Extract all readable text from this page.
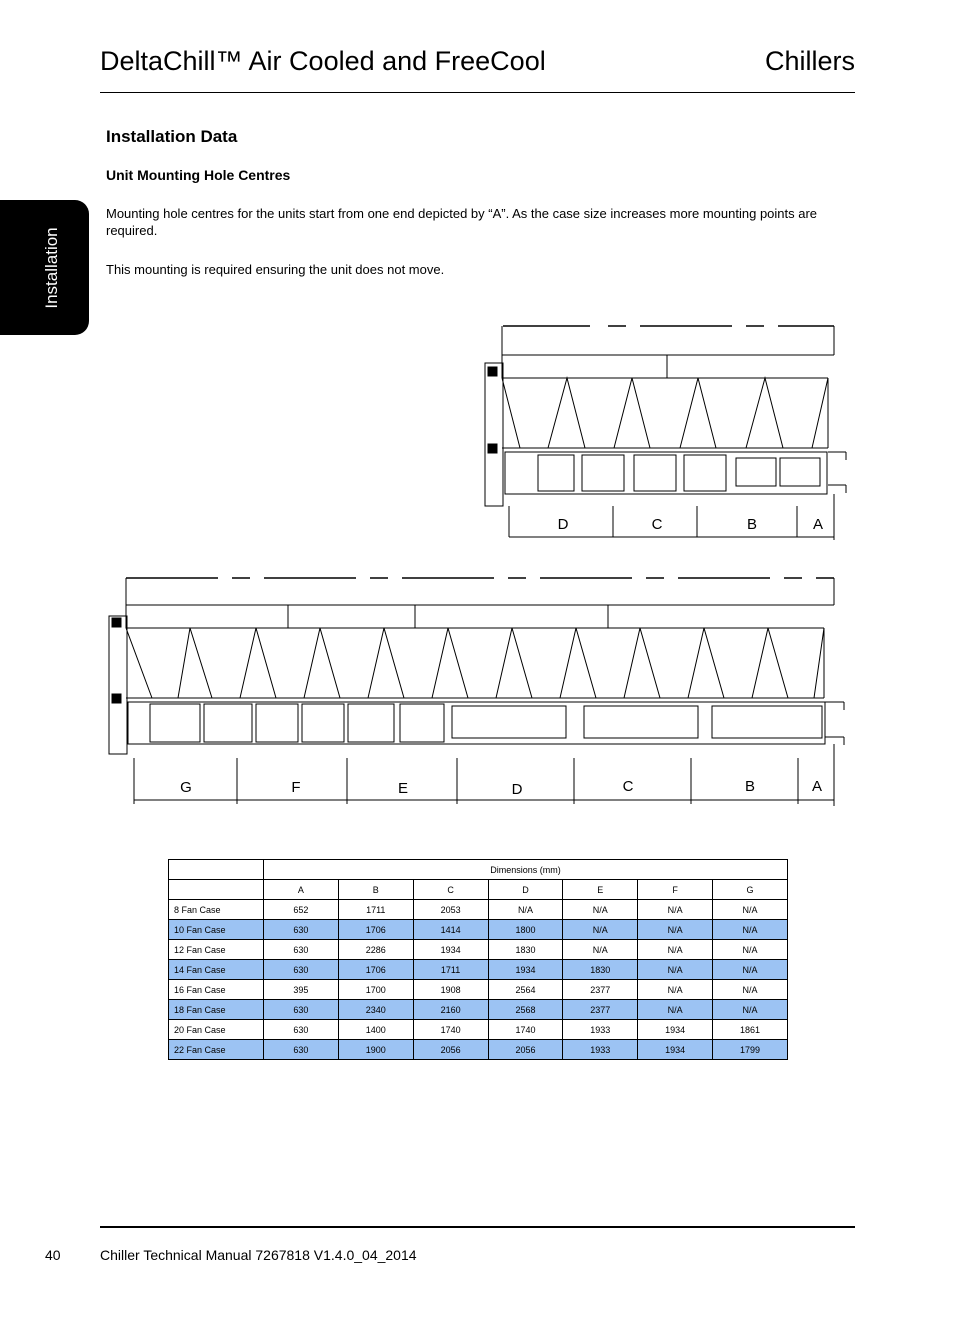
DeltaChill™ Air Cooled and FreeCool	Chillers
Installation
Installation Data
Unit Mounting Hole Centres
Mounting hole centres for the units start from one end depicted by “A”. As the case size increases more mounting points are required.
This mounting is required ensuring the unit does not move.
D	C	B	A
G	F	E	D	C	B	A
	Dimensions (mm)						
	A	B	C	D	E	F	G
8 Fan Case	652	1711	2053	N/A	N/A	N/A	N/A
10 Fan Case	630	1706	1414	1800	N/A	N/A	N/A
12 Fan Case	630	2286	1934	1830	N/A	N/A	N/A
14 Fan Case	630	1706	1711	1934	1830	N/A	N/A
16 Fan Case	395	1700	1908	2564	2377	N/A	N/A
18 Fan Case	630	2340	2160	2568	2377	N/A	N/A
20 Fan Case	630	1400	1740	1740	1933	1934	1861
22 Fan Case	630	1900	2056	2056	1933	1934	1799
40	Chiller Technical Manual 7267818 V1.4.0_04_2014
